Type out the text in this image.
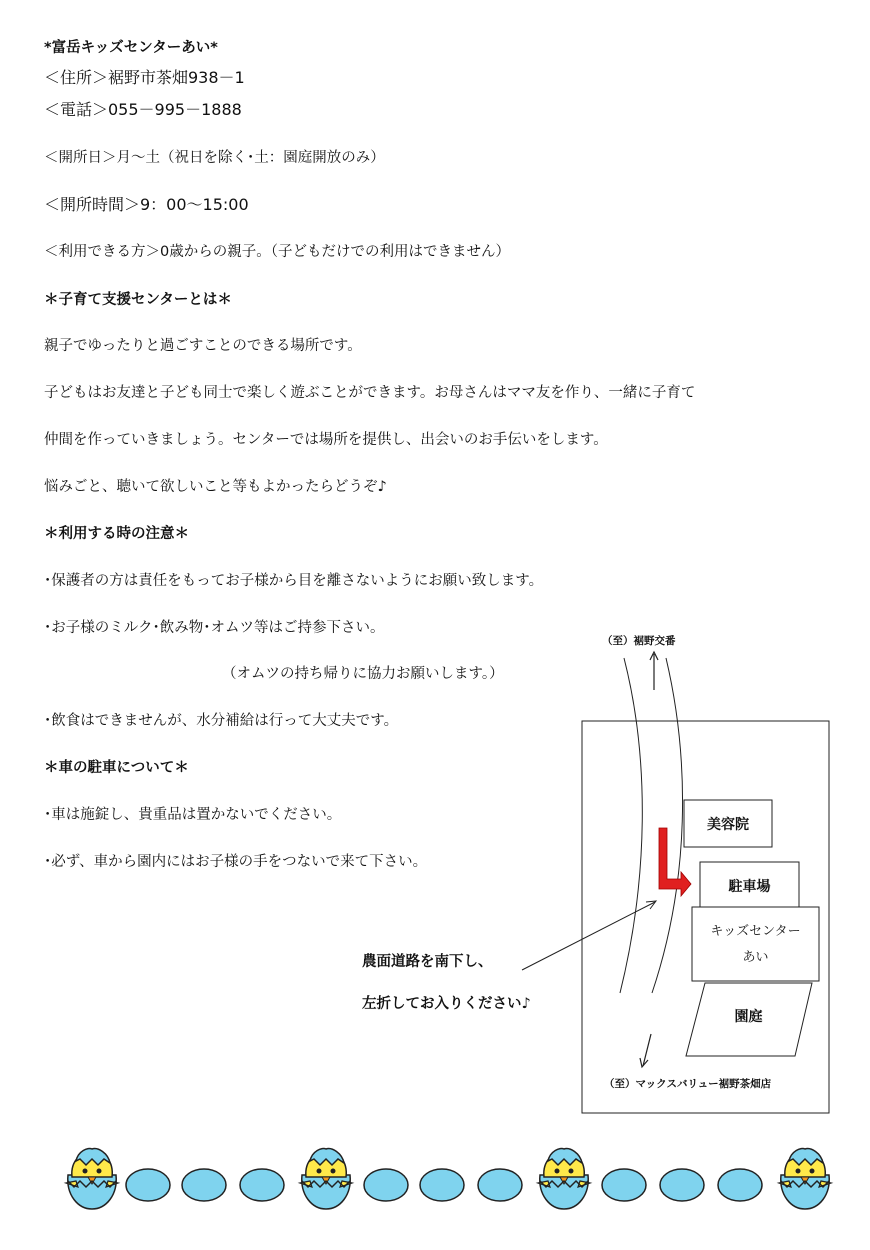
*富岳キッズセンターあい*
＜住所＞裾野市茶畑938－1
＜電話＞055－995－1888
＜開所日＞月～土（祝日を除く･土：園庭開放のみ）
＜開所時間＞9：00～15:00
＜利用できる方＞0歳からの親子。（子どもだけでの利用はできません）
＊子育て支援センターとは＊
親子でゆったりと過ごすことのできる場所です。
子どもはお友達と子ども同士で楽しく遊ぶことができます。お母さんはママ友を作り、一緒に子育て
仲間を作っていきましょう。センターでは場所を提供し、出会いのお手伝いをします。
悩みごと、聴いて欲しいこと等もよかったらどうぞ♪
＊利用する時の注意＊
･保護者の方は責任をもってお子様から目を離さないようにお願い致します。
･お子様のミルク･飲み物･オムツ等はご持参下さい。
（オムツの持ち帰りに協力お願いします。）
･飲食はできませんが、水分補給は行って大丈夫です。
＊車の駐車について＊
･車は施錠し、貴重品は置かないでください。
･必ず、車から園内にはお子様の手をつないで来て下さい。
（至）裾野交番
（至）マックスバリュー裾野茶畑店
美容院
駐車場
キッズセンター
あい
園庭
農面道路を南下し、
左折してお入りください♪
